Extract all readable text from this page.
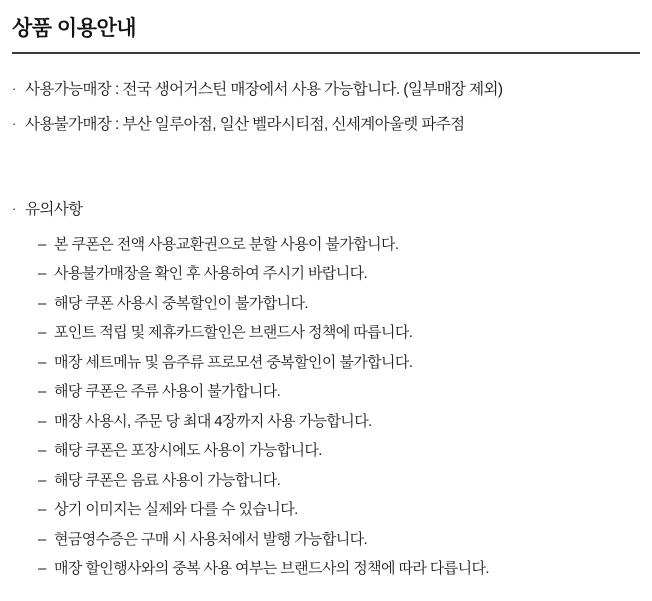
상품 이용안내
· 사용가능매장 : 전국 생어거스틴 매장에서 사용 가능합니다. (일부매장 제외)
· 사용불가매장 : 부산 일루아점, 일산 벨라시티점, 신세계아울렛 파주점
· 유의사항
– 본 쿠폰은 전액 사용교환권으로 분할 사용이 불가합니다.
– 사용불가매장을 확인 후 사용하여 주시기 바랍니다.
– 해당 쿠폰 사용시 중복할인이 불가합니다.
– 포인트 적립 및 제휴카드할인은 브랜드사 정책에 따릅니다.
– 매장 세트메뉴 및 음주류 프로모션 중복할인이 불가합니다.
– 해당 쿠폰은 주류 사용이 불가합니다.
– 매장 사용시, 주문 당 최대 4장까지 사용 가능합니다.
– 해당 쿠폰은 포장시에도 사용이 가능합니다.
– 해당 쿠폰은 음료 사용이 가능합니다.
– 상기 이미지는 실제와 다를 수 있습니다.
– 현금영수증은 구매 시 사용처에서 발행 가능합니다.
– 매장 할인행사와의 중복 사용 여부는 브랜드사의 정책에 따라 다릅니다.
